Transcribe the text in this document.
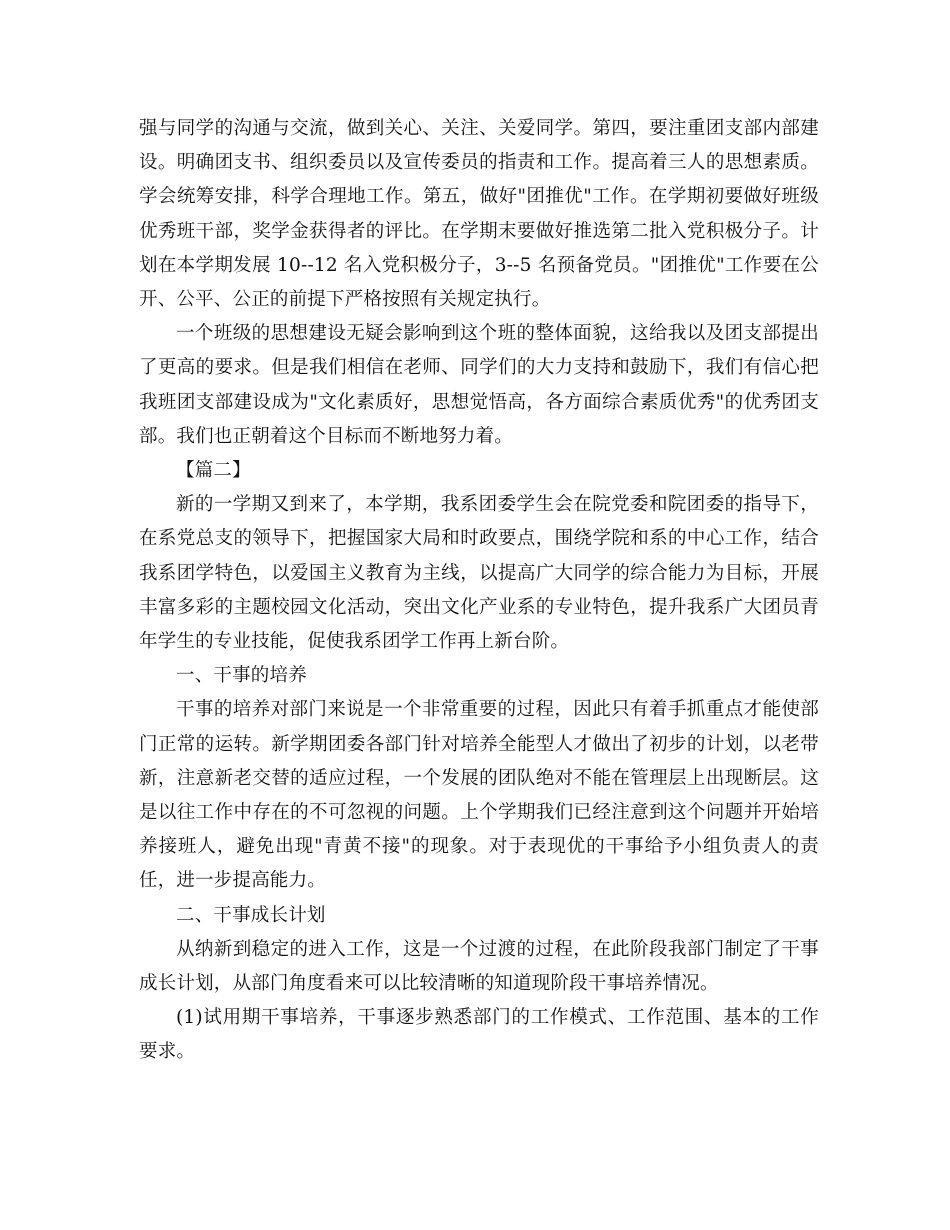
强与同学的沟通与交流，做到关心、关注、关爱同学。第四，要注重团支部内部建设。明确团支书、组织委员以及宣传委员的指责和工作。提高着三人的思想素质。学会统筹安排，科学合理地工作。第五，做好"团推优"工作。在学期初要做好班级优秀班干部，奖学金获得者的评比。在学期末要做好推选第二批入党积极分子。计划在本学期发展 10--12 名入党积极分子，3--5 名预备党员。"团推优"工作要在公开、公平、公正的前提下严格按照有关规定执行。

一个班级的思想建设无疑会影响到这个班的整体面貌，这给我以及团支部提出了更高的要求。但是我们相信在老师、同学们的大力支持和鼓励下，我们有信心把我班团支部建设成为"文化素质好，思想觉悟高，各方面综合素质优秀"的优秀团支部。我们也正朝着这个目标而不断地努力着。

【篇二】

新的一学期又到来了，本学期，我系团委学生会在院党委和院团委的指导下，在系党总支的领导下，把握国家大局和时政要点，围绕学院和系的中心工作，结合我系团学特色，以爱国主义教育为主线，以提高广大同学的综合能力为目标，开展丰富多彩的主题校园文化活动，突出文化产业系的专业特色，提升我系广大团员青年学生的专业技能，促使我系团学工作再上新台阶。

一、干事的培养

干事的培养对部门来说是一个非常重要的过程，因此只有着手抓重点才能使部门正常的运转。新学期团委各部门针对培养全能型人才做出了初步的计划，以老带新，注意新老交替的适应过程，一个发展的团队绝对不能在管理层上出现断层。这是以往工作中存在的不可忽视的问题。上个学期我们已经注意到这个问题并开始培养接班人，避免出现"青黄不接"的现象。对于表现优的干事给予小组负责人的责任，进一步提高能力。

二、干事成长计划

从纳新到稳定的进入工作，这是一个过渡的过程，在此阶段我部门制定了干事成长计划，从部门角度看来可以比较清晰的知道现阶段干事培养情况。

(1)试用期干事培养，干事逐步熟悉部门的工作模式、工作范围、基本的工作要求。
